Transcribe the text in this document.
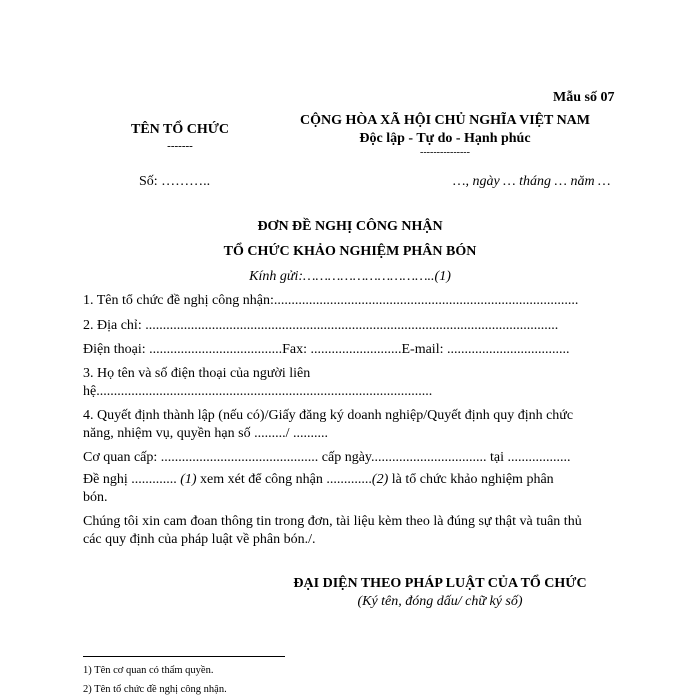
Mẫu số 07
TÊN TỔ CHỨC
-------
CỘNG HÒA XÃ HỘI CHỦ NGHĨA VIỆT NAM
Độc lập - Tự do - Hạnh phúc
---------------
Số: ………..	…, ngày … tháng … năm …
ĐƠN ĐỀ NGHỊ CÔNG NHẬN
TỔ CHỨC KHẢO NGHIỆM PHÂN BÓN
Kính gửi:…………………………..(1)
1. Tên tổ chức đề nghị công nhận:.......................................................................................
2. Địa chỉ: ......................................................................................................................
Điện thoại: ......................................Fax: ..........................E-mail: ...................................
3. Họ tên và số điện thoại của người liên
hệ................................................................................................
4. Quyết định thành lập (nếu có)/Giấy đăng ký doanh nghiệp/Quyết định quy định chức
năng, nhiệm vụ, quyền hạn số ........./ ..........
Cơ quan cấp: ............................................. cấp ngày................................. tại ..................
Đề nghị ............. (1) xem xét để công nhận .............(2) là tổ chức khảo nghiệm phân
bón.
Chúng tôi xin cam đoan thông tin trong đơn, tài liệu kèm theo là đúng sự thật và tuân thủ
các quy định của pháp luật về phân bón./.
ĐẠI DIỆN THEO PHÁP LUẬT CỦA TỔ CHỨC
(Ký tên, đóng dấu/ chữ ký số)
1) Tên cơ quan có thẩm quyền.
2) Tên tổ chức đề nghị công nhận.
